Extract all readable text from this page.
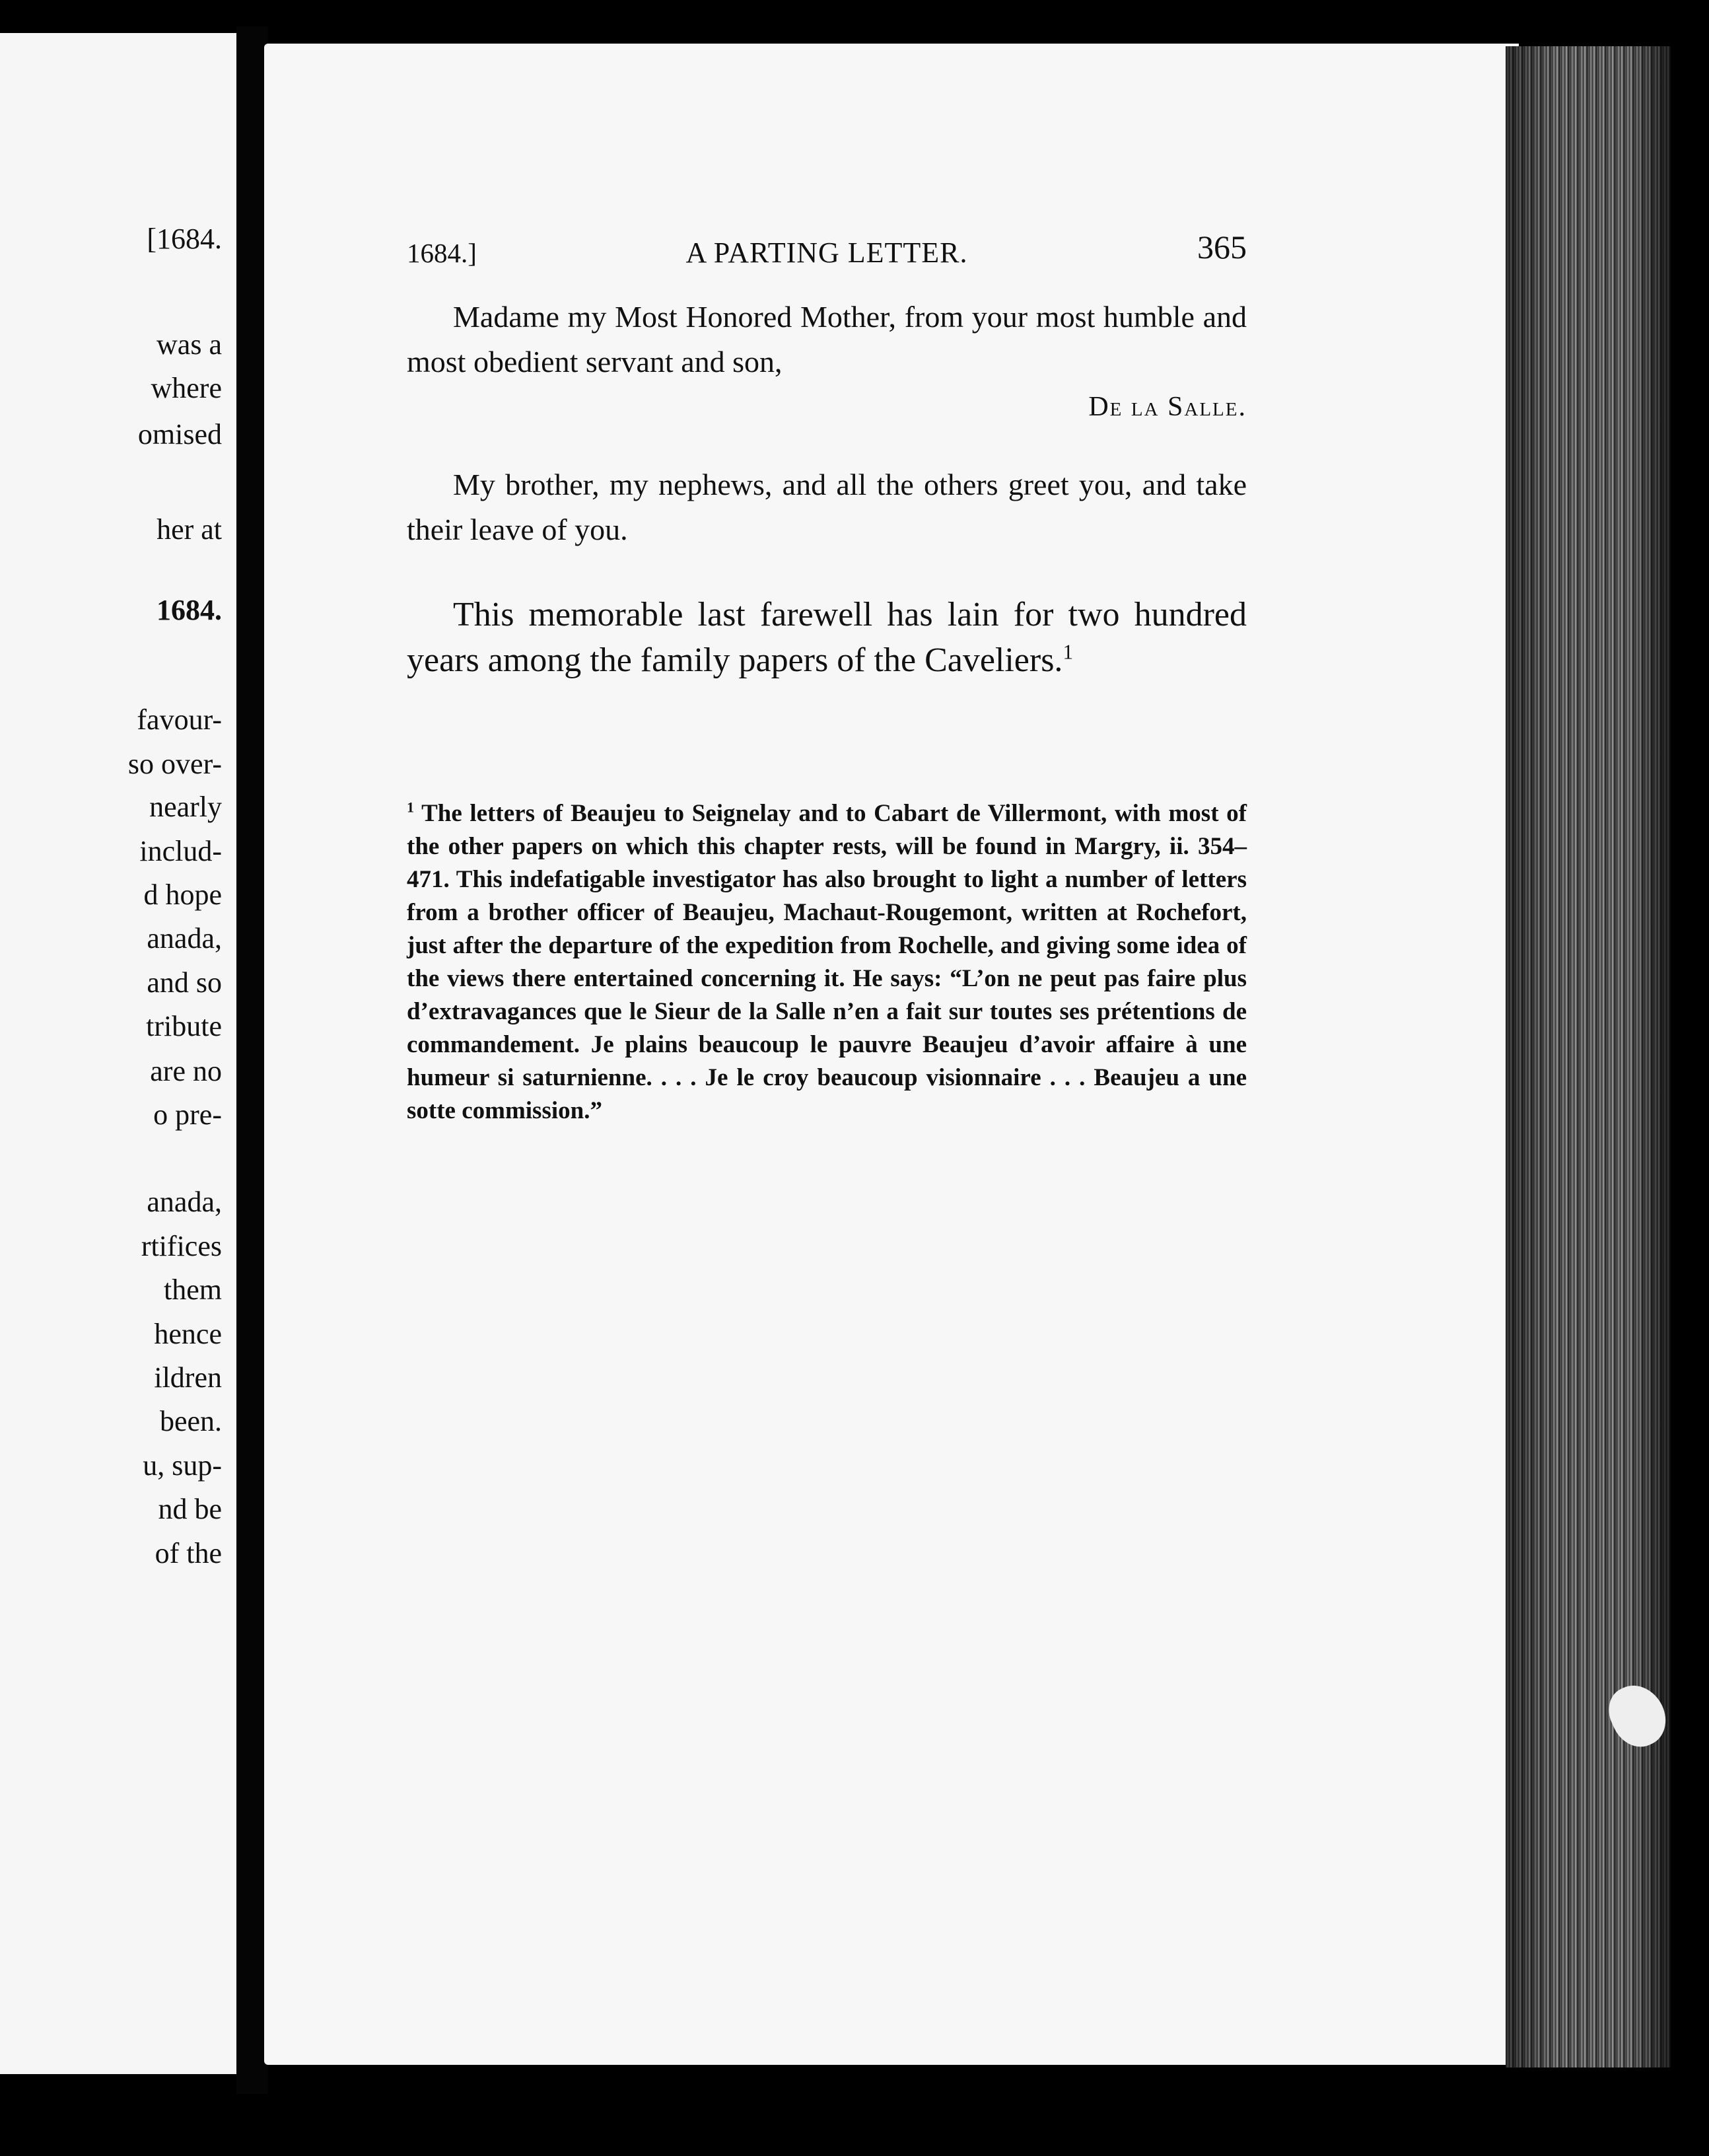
[1684.
was a
where
omised
her at
1684.
favour-
so over-
nearly
includ-
d hope
anada,
and so
tribute
are no
o pre-
anada,
rtifices
them
hence
ildren
been.
u, sup-
nd be
of the
1684.]	A PARTING LETTER.	365

Madame my Most Honored Mother, from your most humble and most obedient servant and son,

De la Salle.

My brother, my nephews, and all the others greet you, and take their leave of you.

This memorable last farewell has lain for two hundred years among the family papers of the Caveliers.$^1$

$^1$ The letters of Beaujeu to Seignelay and to Cabart de Villermont, with most of the other papers on which this chapter rests, will be found in Margry, ii. 354–471. This indefatigable investigator has also brought to light a number of letters from a brother officer of Beaujeu, Machaut-Rougemont, written at Rochefort, just after the departure of the expedition from Rochelle, and giving some idea of the views there entertained concerning it. He says: “L’on ne peut pas faire plus d’extravagances que le Sieur de la Salle n’en a fait sur toutes ses prétentions de commandement. Je plains beaucoup le pauvre Beaujeu d’avoir affaire à une humeur si saturnienne. . . . Je le croy beaucoup visionnaire . . . Beaujeu a une sotte commission.”
